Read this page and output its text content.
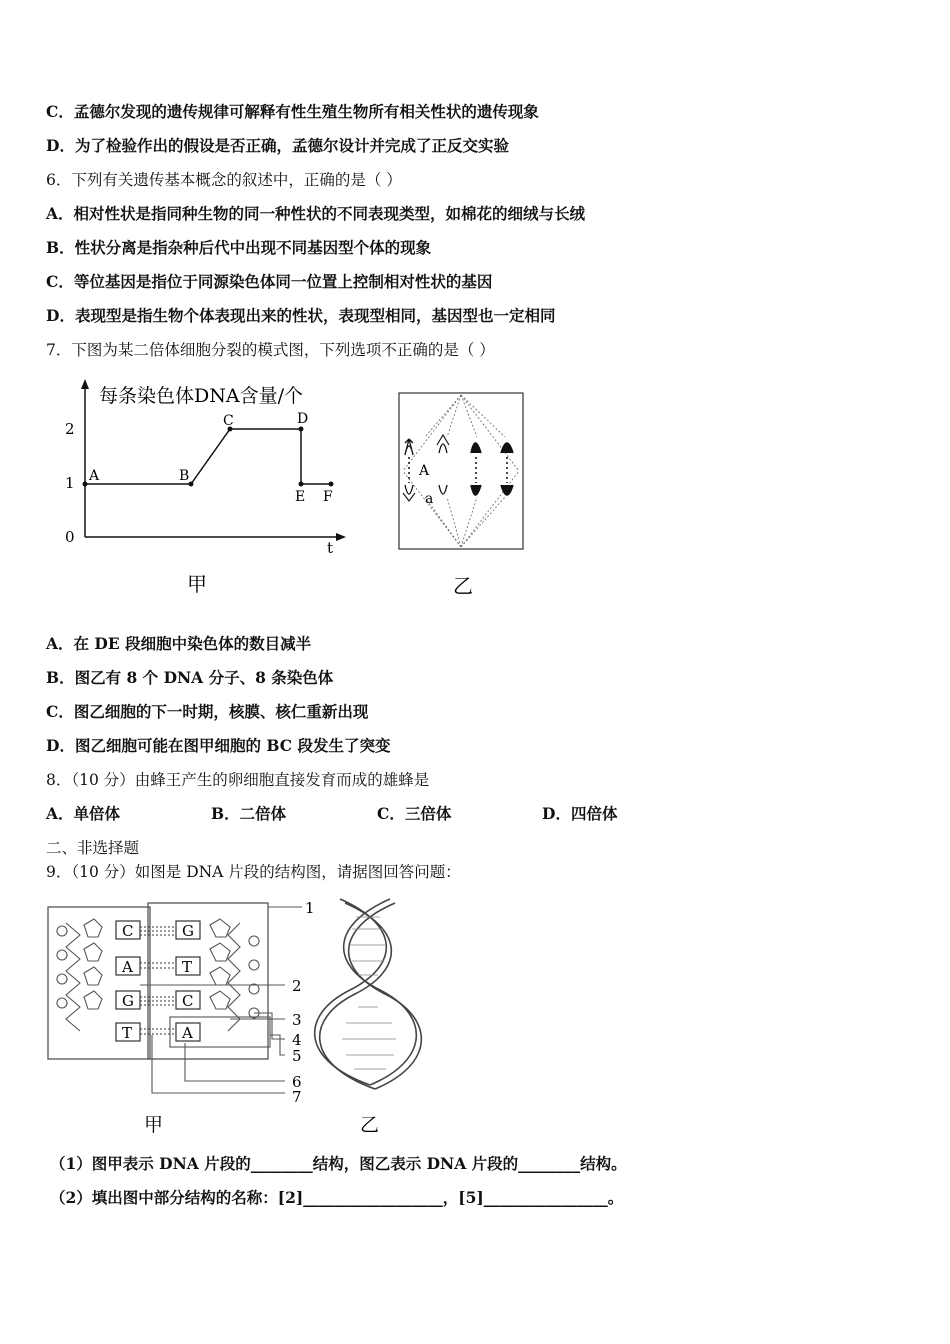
C．孟德尔发现的遗传规律可解释有性生殖生物所有相关性状的遗传现象
D．为了检验作出的假设是否正确，孟德尔设计并完成了正反交实验
6．下列有关遗传基本概念的叙述中，正确的是（ ）
A．相对性状是指同种生物的同一种性状的不同表现类型，如棉花的细绒与长绒
B．性状分离是指杂种后代中出现不同基因型个体的现象
C．等位基因是指位于同源染色体同一位置上控制相对性状的基因
D．表现型是指生物个体表现出来的性状，表现型相同，基因型也一定相同
7．下图为某二倍体细胞分裂的模式图，下列选项不正确的是（ ）
每条染色体DNA含量/个
2
1
0
t
A	B
C	D
E F
甲
A
a
乙
A．在 DE 段细胞中染色体的数目减半
B．图乙有 8 个 DNA 分子、8 条染色体
C．图乙细胞的下一时期，核膜、核仁重新出现
D．图乙细胞可能在图甲细胞的 BC 段发生了突变
8．（10 分）由蜂王产生的卵细胞直接发育而成的雄蜂是
A．单倍体	B．二倍体	C．三倍体	D．四倍体
二、非选择题
9．（10 分）如图是 DNA 片段的结构图，请据图回答问题：
C
A
G
T
G
T
C
A
1
2
3
4
5
6
7
甲	乙
（1）图甲表示 DNA 片段的________结构，图乙表示 DNA 片段的________结构。
（2）填出图中部分结构的名称：[2]__________________，[5]________________。
